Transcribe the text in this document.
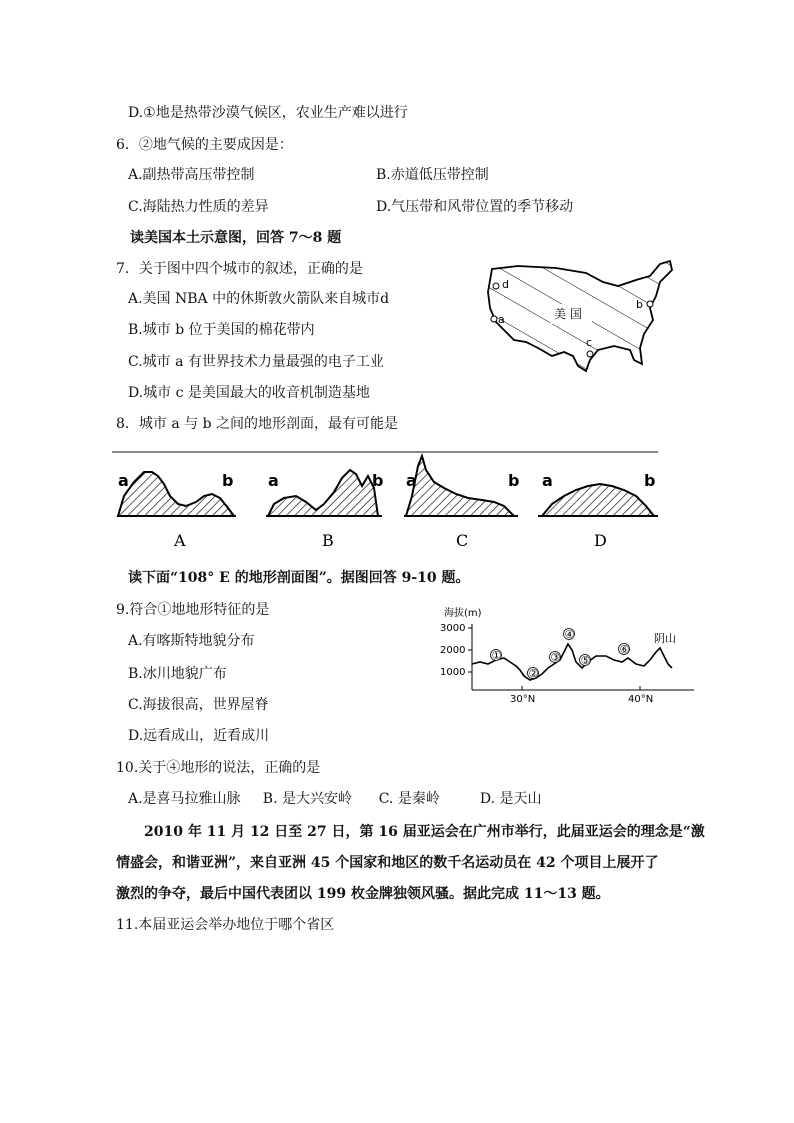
D.①地是热带沙漠气候区，农业生产难以进行
6．②地气候的主要成因是：
A.副热带高压带控制	B.赤道低压带控制
C.海陆热力性质的差异	D.气压带和风带位置的季节移动
读美国本土示意图，回答 7～8 题
7．关于图中四个城市的叙述，正确的是
A.美国 NBA 中的休斯敦火箭队来自城市d
B.城市 b 位于美国的棉花带内
C.城市 a 有世界技术力量最强的电子工业
D.城市 c 是美国最大的收音机制造基地
美 国
d
a
b
c
8．城市 a 与 b 之间的地形剖面，最有可能是
a	b
A
a	b
B
a	b
C
a	b
D
读下面“108° E 的地形剖面图”。据图回答 9-10 题。
9.符合①地地形特征的是
A.有喀斯特地貌分布
B.冰川地貌广布
C.海拔很高，世界屋脊
D.远看成山，近看成川
海拔(m)
3000
2000
1000
30°N	40°N
①
②
③
④
⑤
⑥
阴山
10.关于④地形的说法，正确的是
A.是喜马拉雅山脉     B. 是大兴安岭      C. 是秦岭         D. 是天山
2010 年 11 月 12 日至 27 日，第 16 届亚运会在广州市举行，此届亚运会的理念是“激
情盛会，和谐亚洲”，来自亚洲 45 个国家和地区的数千名运动员在 42 个项目上展开了
激烈的争夺，最后中国代表团以 199 枚金牌独领风骚。据此完成 11～13 题。
11.本届亚运会举办地位于哪个省区
